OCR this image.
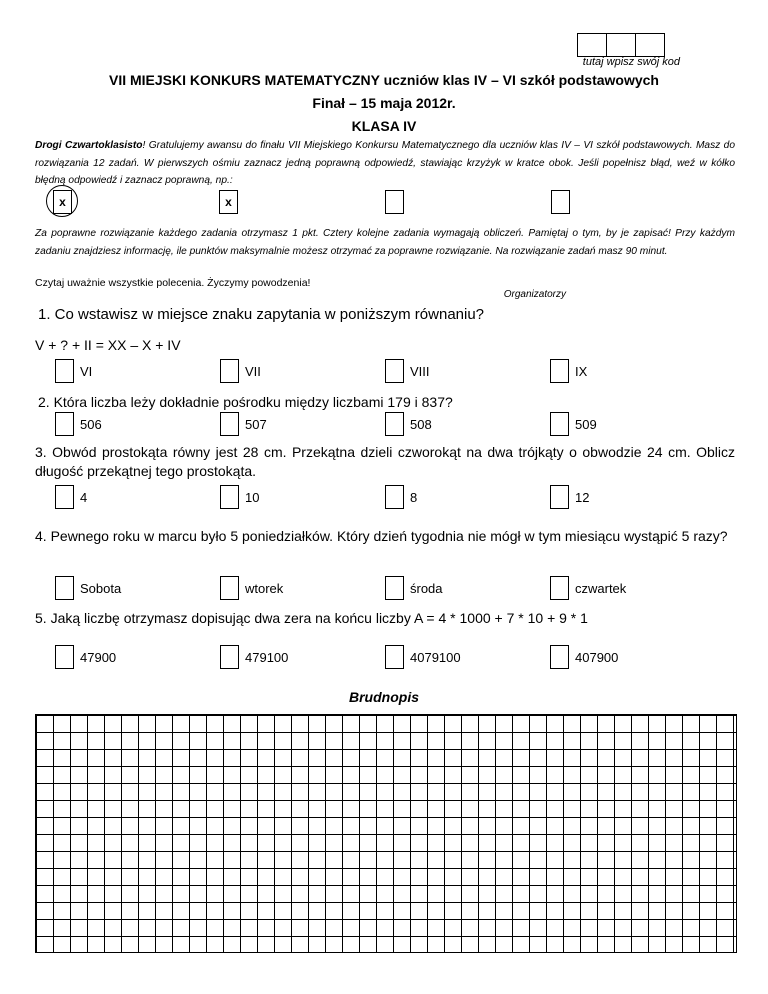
tutaj wpisz swój kod
VII MIEJSKI KONKURS MATEMATYCZNY uczniów klas IV – VI szkół podstawowych
Finał – 15 maja 2012r.
KLASA IV
Drogi Czwartoklasisto! Gratulujemy awansu do finału VII Miejskiego Konkursu Matematycznego dla uczniów klas IV – VI szkół podstawowych. Masz do rozwiązania 12 zadań. W pierwszych ośmiu zaznacz jedną poprawną odpowiedź, stawiając krzyżyk w kratce obok. Jeśli popełnisz błąd, weź w kółko błędną odpowiedź i zaznacz poprawną, np.:
x	x
Za poprawne rozwiązanie każdego zadania otrzymasz 1 pkt. Cztery kolejne zadania wymagają obliczeń. Pamiętaj o tym, by je zapisać! Przy każdym zadaniu znajdziesz informację, ile punktów maksymalnie możesz otrzymać za poprawne rozwiązanie. Na rozwiązanie zadań masz 90 minut.
Czytaj uważnie wszystkie polecenia. Życzymy powodzenia!
Organizatorzy
1. Co wstawisz w miejsce znaku zapytania w poniższym równaniu?
V + ? + II = XX – X + IV
VI	VII	VIII	IX
2. Która liczba leży dokładnie pośrodku między liczbami 179 i 837?
506	507	508	509
3. Obwód prostokąta równy jest 28 cm. Przekątna dzieli czworokąt na dwa trójkąty o obwodzie 24 cm. Oblicz długość przekątnej tego prostokąta.
4	10	8	12
4. Pewnego roku w marcu było 5 poniedziałków. Który dzień tygodnia nie mógł w tym miesiącu wystąpić 5 razy?
Sobota	wtorek	środa	czwartek
5. Jaką liczbę otrzymasz dopisując dwa zera na końcu liczby A = 4 * 1000 + 7 * 10 + 9 * 1
47900	479100	4079100	407900
Brudnopis
